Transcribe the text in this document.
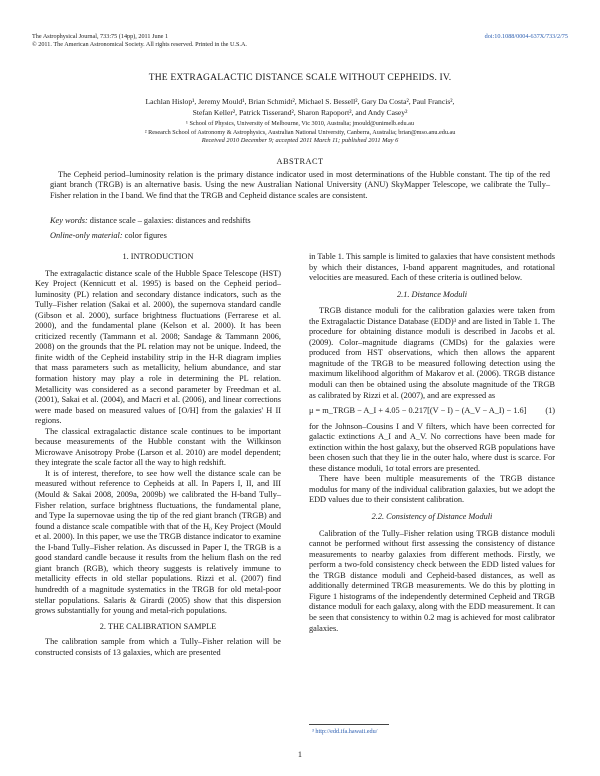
The Astrophysical Journal, 733:75 (14pp), 2011 June 1
© 2011. The American Astronomical Society. All rights reserved. Printed in the U.S.A.
doi:10.1088/0004-637X/733/2/75
THE EXTRAGALACTIC DISTANCE SCALE WITHOUT CEPHEIDS. IV.
Lachlan Hislop¹, Jeremy Mould¹, Brian Schmidt², Michael S. Bessell², Gary Da Costa², Paul Francis²,
Stefan Keller², Patrick Tisserand², Sharon Rapoport², and Andy Casey²
¹ School of Physics, University of Melbourne, Vic 3010, Australia; jmould@unimelb.edu.au
² Research School of Astronomy & Astrophysics, Australian National University, Canberra, Australia; brian@mso.anu.edu.au
Received 2010 December 9; accepted 2011 March 11; published 2011 May 6
ABSTRACT
The Cepheid period–luminosity relation is the primary distance indicator used in most determinations of the Hubble constant. The tip of the red giant branch (TRGB) is an alternative basis. Using the new Australian National University (ANU) SkyMapper Telescope, we calibrate the Tully–Fisher relation in the I band. We find that the TRGB and Cepheid distance scales are consistent.
Key words: distance scale – galaxies: distances and redshifts
Online-only material: color figures
1. INTRODUCTION

The extragalactic distance scale of the Hubble Space Telescope (HST) Key Project (Kennicutt et al. 1995) is based on the Cepheid period–luminosity (PL) relation and secondary distance indicators, such as the Tully–Fisher relation (Sakai et al. 2000), the supernova standard candle (Gibson et al. 2000), surface brightness fluctuations (Ferrarese et al. 2000), and the fundamental plane (Kelson et al. 2000). It has been criticized recently (Tammann et al. 2008; Sandage & Tammann 2006, 2008) on the grounds that the PL relation may not be unique. Indeed, the finite width of the Cepheid instability strip in the H-R diagram implies that mass parameters such as metallicity, helium abundance, and star formation history may play a role in determining the PL relation. Metallicity was considered as a second parameter by Freedman et al. (2001), Sakai et al. (2004), and Macri et al. (2006), and linear corrections were made based on measured values of [O/H] from the galaxies' H II regions.

The classical extragalactic distance scale continues to be important because measurements of the Hubble constant with the Wilkinson Microwave Anisotropy Probe (Larson et al. 2010) are model dependent; they integrate the scale factor all the way to high redshift.

It is of interest, therefore, to see how well the distance scale can be measured without reference to Cepheids at all. In Papers I, II, and III (Mould & Sakai 2008, 2009a, 2009b) we calibrated the H-band Tully–Fisher relation, surface brightness fluctuations, the fundamental plane, and Type Ia supernovae using the tip of the red giant branch (TRGB) and found a distance scale compatible with that of the H₀ Key Project (Mould et al. 2000). In this paper, we use the TRGB distance indicator to examine the I-band Tully–Fisher relation. As discussed in Paper I, the TRGB is a good standard candle because it results from the helium flash on the red giant branch (RGB), which theory suggests is relatively immune to metallicity effects in old stellar populations. Rizzi et al. (2007) find hundredth of a magnitude systematics in the TRGB for old metal-poor stellar populations. Salaris & Girardi (2005) show that this dispersion grows substantially for young and metal-rich populations.

2. THE CALIBRATION SAMPLE

The calibration sample from which a Tully–Fisher relation will be constructed consists of 13 galaxies, which are presented

in Table 1. This sample is limited to galaxies that have consistent methods by which their distances, I-band apparent magnitudes, and rotational velocities are measured. Each of these criteria is outlined below.

2.1. Distance Moduli

TRGB distance moduli for the calibration galaxies were taken from the Extragalactic Distance Database (EDD)³ and are listed in Table 1. The procedure for obtaining distance moduli is described in Jacobs et al. (2009). Color–magnitude diagrams (CMDs) for the galaxies were produced from HST observations, which then allows the apparent magnitude of the TRGB to be measured following detection using the maximum likelihood algorithm of Makarov et al. (2006). TRGB distance moduli can then be obtained using the absolute magnitude of the TRGB as calibrated by Rizzi et al. (2007), and are expressed as

μ = m_TRGB − A_I + 4.05 − 0.217[(V − I) − (A_V − A_I) − 1.6] (1)

for the Johnson–Cousins I and V filters, which have been corrected for galactic extinctions A_I and A_V. No corrections have been made for extinction within the host galaxy, but the observed RGB populations have been chosen such that they lie in the outer halo, where dust is scarce. For these distance moduli, 1σ total errors are presented.

There have been multiple measurements of the TRGB distance modulus for many of the individual calibration galaxies, but we adopt the EDD values due to their consistent calibration.

2.2. Consistency of Distance Moduli

Calibration of the Tully–Fisher relation using TRGB distance moduli cannot be performed without first assessing the consistency of distance measurements to nearby galaxies from different methods. Firstly, we perform a two-fold consistency check between the EDD listed values for the TRGB distance moduli and Cepheid-based distances, as well as additionally determined TRGB measurements. We do this by plotting in Figure 1 histograms of the independently determined Cepheid and TRGB distance moduli for each galaxy, along with the EDD measurement. It can be seen that consistency to within 0.2 mag is achieved for most calibrator galaxies.

³ http://edd.ifa.hawaii.edu/
1
